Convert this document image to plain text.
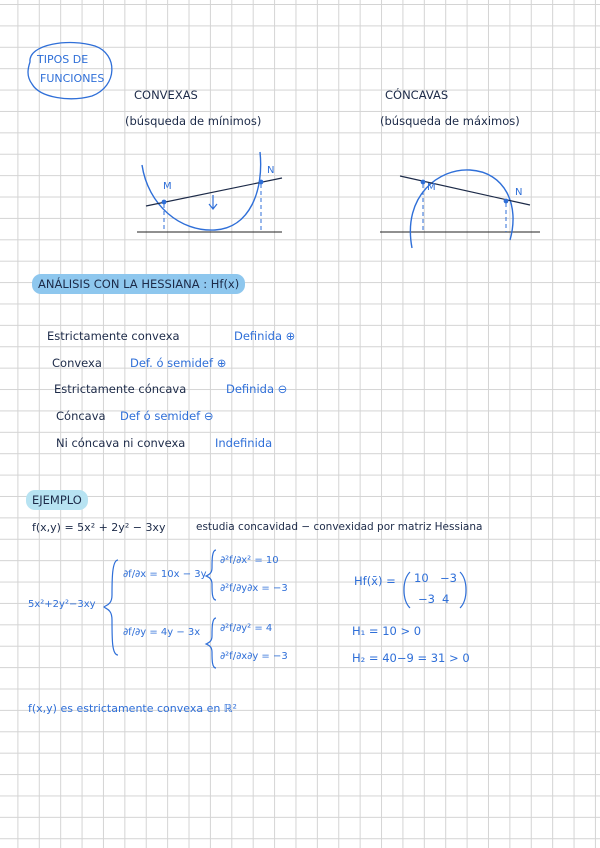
TIPOS DE
FUNCIONES
CONVEXAS
(búsqueda de mínimos)
CÓNCAVAS
(búsqueda de máximos)
M
N
M	N
ANÁLISIS CON LA HESSIANA : Hf(x)
Estrictamente convexa	Definida ⊕
Convexa Def. ó semidef ⊕
Estrictamente cóncava	Definida ⊖
Cóncava Def ó semidef ⊖
Ni cóncava ni convexa	Indefinida
EJEMPLO
f(x,y) = 5x² + 2y² − 3xy	estudia concavidad − convexidad por matriz Hessiana
5x²+2y²−3xy
∂f/∂x = 10x − 3y
∂²f/∂x² = 10
∂²f/∂y∂x = −3
∂f/∂y = 4y − 3x ∂²f/∂y² = 4
∂²f/∂x∂y = −3
Hf(x̄) = 10 −3
−3 4
H₁ = 10 > 0
H₂ = 40−9 = 31 > 0
f(x,y) es estrictamente convexa en ℝ²
